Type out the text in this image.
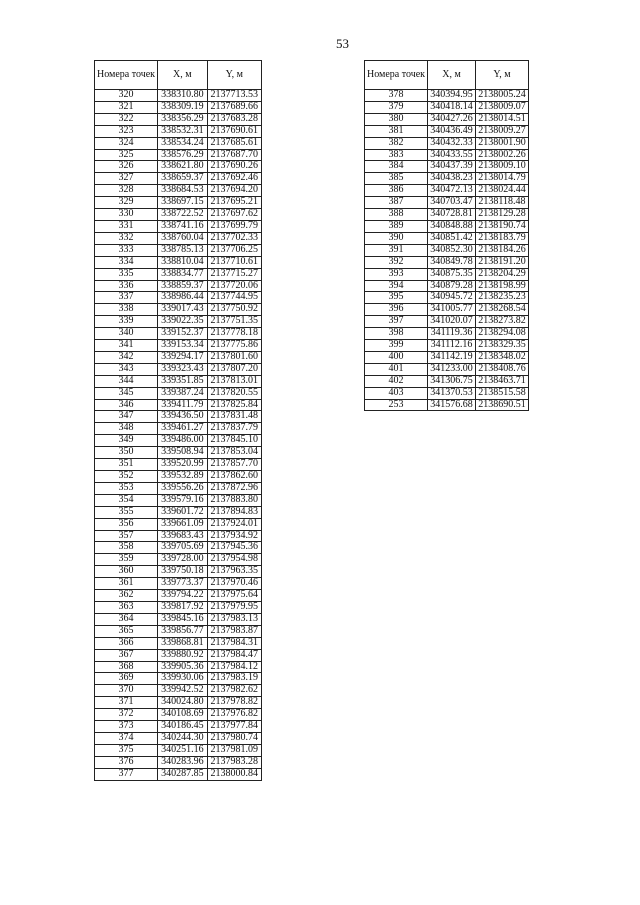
53
Номера точек	X, м	Y, м
320	338310.80	2137713.53
321	338309.19	2137689.66
322	338356.29	2137683.28
323	338532.31	2137690.61
324	338534.24	2137685.61
325	338576.29	2137687.70
326	338621.80	2137690.26
327	338659.37	2137692.46
328	338684.53	2137694.20
329	338697.15	2137695.21
330	338722.52	2137697.62
331	338741.16	2137699.79
332	338760.04	2137702.33
333	338785.13	2137706.25
334	338810.04	2137710.61
335	338834.77	2137715.27
336	338859.37	2137720.06
337	338986.44	2137744.95
338	339017.43	2137750.92
339	339022.35	2137751.35
340	339152.37	2137778.18
341	339153.34	2137775.86
342	339294.17	2137801.60
343	339323.43	2137807.20
344	339351.85	2137813.01
345	339387.24	2137820.55
346	339411.79	2137825.84
347	339436.50	2137831.48
348	339461.27	2137837.79
349	339486.00	2137845.10
350	339508.94	2137853.04
351	339520.99	2137857.70
352	339532.89	2137862.60
353	339556.26	2137872.96
354	339579.16	2137883.80
355	339601.72	2137894.83
356	339661.09	2137924.01
357	339683.43	2137934.92
358	339705.69	2137945.36
359	339728.00	2137954.98
360	339750.18	2137963.35
361	339773.37	2137970.46
362	339794.22	2137975.64
363	339817.92	2137979.95
364	339845.16	2137983.13
365	339856.77	2137983.87
366	339868.81	2137984.31
367	339880.92	2137984.47
368	339905.36	2137984.12
369	339930.06	2137983.19
370	339942.52	2137982.62
371	340024.80	2137978.82
372	340108.69	2137976.82
373	340186.45	2137977.84
374	340244.30	2137980.74
375	340251.16	2137981.09
376	340283.96	2137983.28
377	340287.85	2138000.84
Номера точек	X, м	Y, м
378	340394.95	2138005.24
379	340418.14	2138009.07
380	340427.26	2138014.51
381	340436.49	2138009.27
382	340432.33	2138001.90
383	340433.55	2138002.26
384	340437.39	2138009.10
385	340438.23	2138014.79
386	340472.13	2138024.44
387	340703.47	2138118.48
388	340728.81	2138129.28
389	340848.88	2138190.74
390	340851.42	2138183.79
391	340852.30	2138184.26
392	340849.78	2138191.20
393	340875.35	2138204.29
394	340879.28	2138198.99
395	340945.72	2138235.23
396	341005.77	2138268.54
397	341020.07	2138273.82
398	341119.36	2138294.08
399	341112.16	2138329.35
400	341142.19	2138348.02
401	341233.00	2138408.76
402	341306.75	2138463.71
403	341370.53	2138515.58
253	341576.68	2138690.51
